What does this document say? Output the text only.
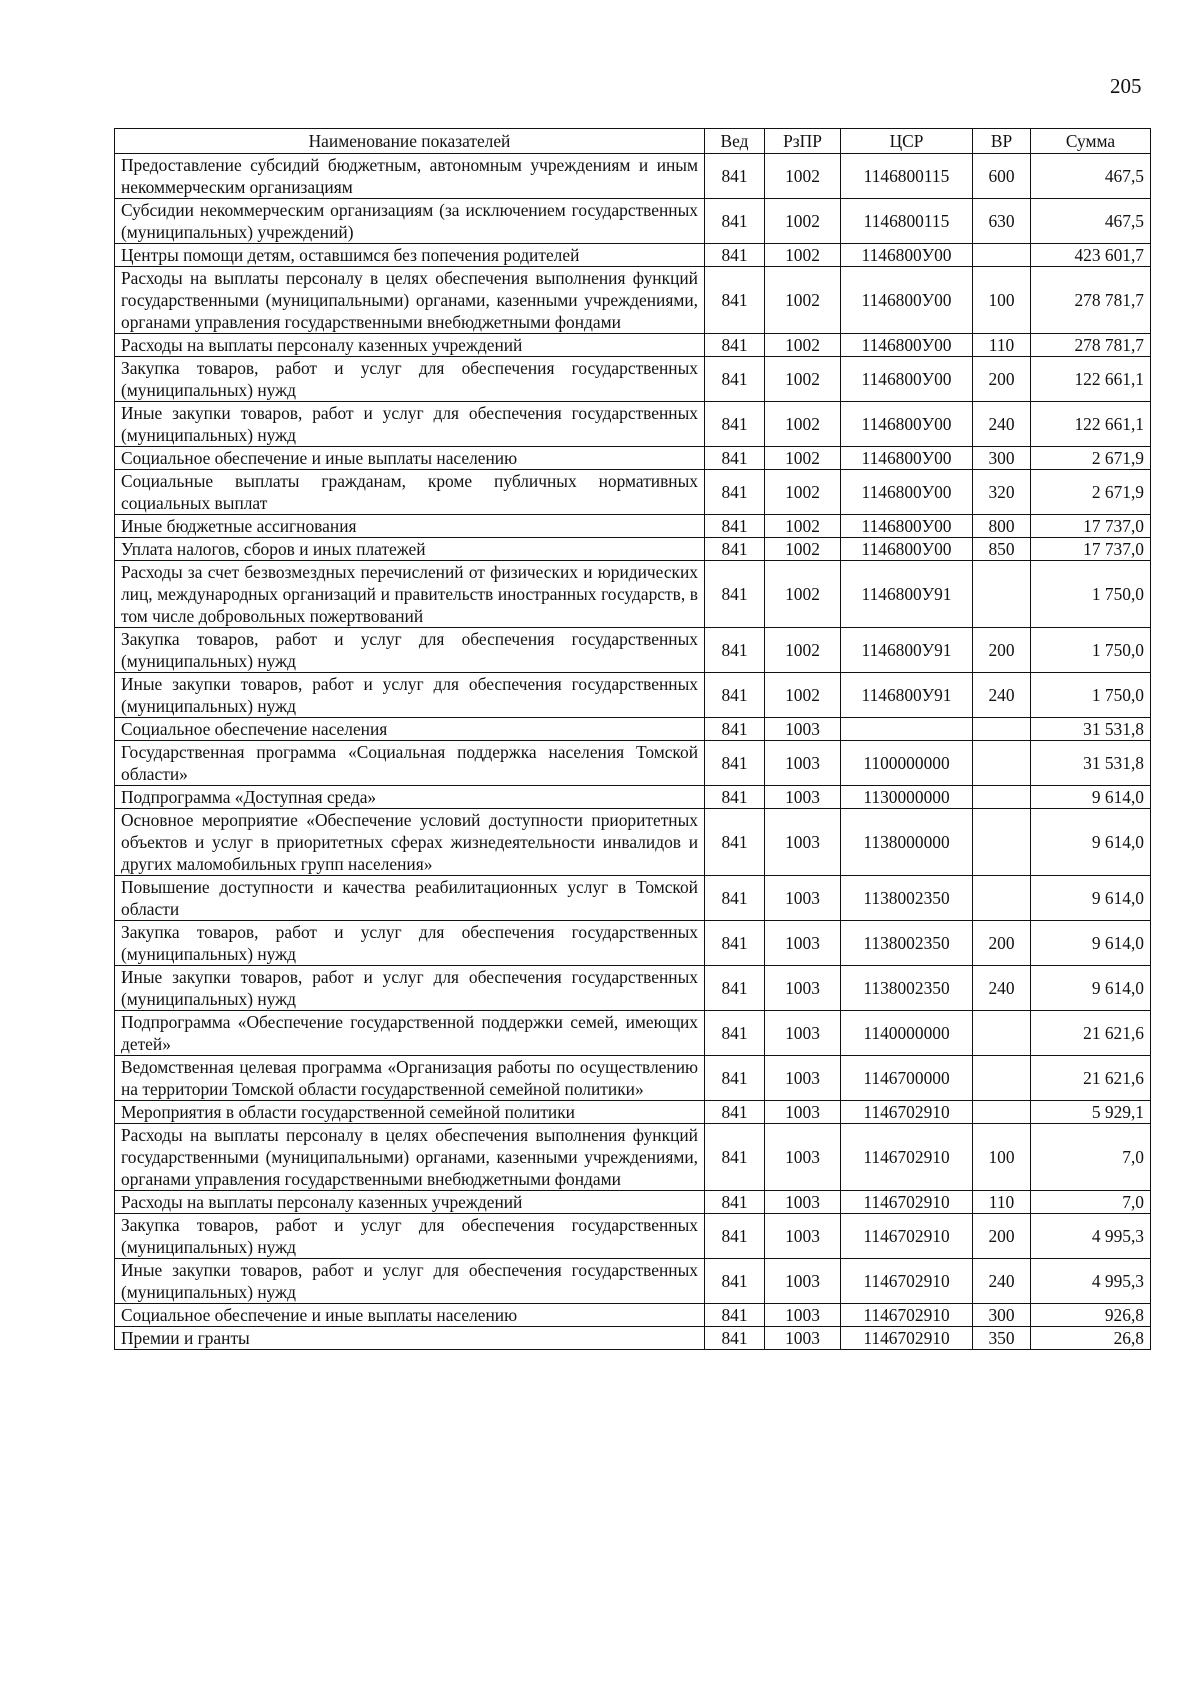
205
Наименование показателей	Вед	РзПР	ЦСР	ВР	Сумма
Предоставление субсидий бюджетным, автономным учреждениям и иным некоммерческим организациям	841	1002	1146800115	600	467,5
Субсидии некоммерческим организациям (за исключением государственных (муниципальных) учреждений)	841	1002	1146800115	630	467,5
Центры помощи детям, оставшимся без попечения родителей	841	1002	1146800У00		423 601,7
Расходы на выплаты персоналу в целях обеспечения выполнения функций государственными (муниципальными) органами, казенными учреждениями, органами управления государственными внебюджетными фондами	841	1002	1146800У00	100	278 781,7
Расходы на выплаты персоналу казенных учреждений	841	1002	1146800У00	110	278 781,7
Закупка товаров, работ и услуг для обеспечения государственных (муниципальных) нужд	841	1002	1146800У00	200	122 661,1
Иные закупки товаров, работ и услуг для обеспечения государственных (муниципальных) нужд	841	1002	1146800У00	240	122 661,1
Социальное обеспечение и иные выплаты населению	841	1002	1146800У00	300	2 671,9
Социальные выплаты гражданам, кроме публичных нормативных социальных выплат	841	1002	1146800У00	320	2 671,9
Иные бюджетные ассигнования	841	1002	1146800У00	800	17 737,0
Уплата налогов, сборов и иных платежей	841	1002	1146800У00	850	17 737,0
Расходы за счет безвозмездных перечислений от физических и юридических лиц, международных организаций и правительств иностранных государств, в том числе добровольных пожертвований	841	1002	1146800У91		1 750,0
Закупка товаров, работ и услуг для обеспечения государственных (муниципальных) нужд	841	1002	1146800У91	200	1 750,0
Иные закупки товаров, работ и услуг для обеспечения государственных (муниципальных) нужд	841	1002	1146800У91	240	1 750,0
Социальное обеспечение населения	841	1003			31 531,8
Государственная программа «Социальная поддержка населения Томской области»	841	1003	1100000000		31 531,8
Подпрограмма «Доступная среда»	841	1003	1130000000		9 614,0
Основное мероприятие «Обеспечение условий доступности приоритетных объектов и услуг в приоритетных сферах жизнедеятельности инвалидов и других маломобильных групп населения»	841	1003	1138000000		9 614,0
Повышение доступности и качества реабилитационных услуг в Томской области	841	1003	1138002350		9 614,0
Закупка товаров, работ и услуг для обеспечения государственных (муниципальных) нужд	841	1003	1138002350	200	9 614,0
Иные закупки товаров, работ и услуг для обеспечения государственных (муниципальных) нужд	841	1003	1138002350	240	9 614,0
Подпрограмма «Обеспечение государственной поддержки семей, имеющих детей»	841	1003	1140000000		21 621,6
Ведомственная целевая программа «Организация работы по осуществлению на территории Томской области государственной семейной политики»	841	1003	1146700000		21 621,6
Мероприятия в области государственной семейной политики	841	1003	1146702910		5 929,1
Расходы на выплаты персоналу в целях обеспечения выполнения функций государственными (муниципальными) органами, казенными учреждениями, органами управления государственными внебюджетными фондами	841	1003	1146702910	100	7,0
Расходы на выплаты персоналу казенных учреждений	841	1003	1146702910	110	7,0
Закупка товаров, работ и услуг для обеспечения государственных (муниципальных) нужд	841	1003	1146702910	200	4 995,3
Иные закупки товаров, работ и услуг для обеспечения государственных (муниципальных) нужд	841	1003	1146702910	240	4 995,3
Социальное обеспечение и иные выплаты населению	841	1003	1146702910	300	926,8
Премии и гранты	841	1003	1146702910	350	26,8
